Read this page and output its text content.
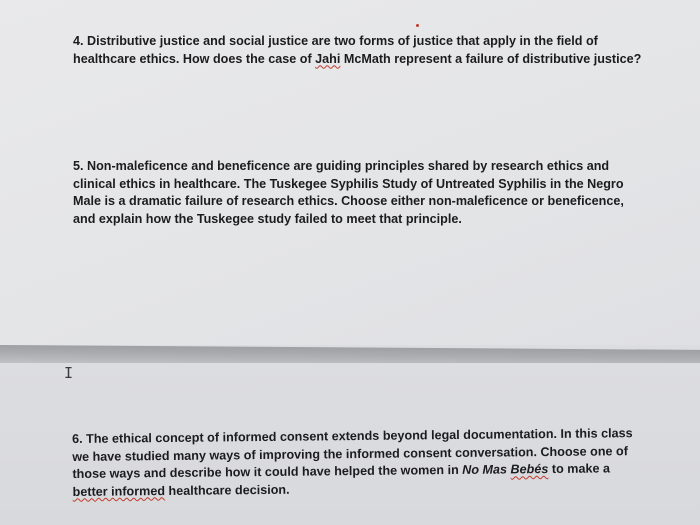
4. Distributive justice and social justice are two forms of justice that apply in the field of
healthcare ethics. How does the case of Jahi McMath represent a failure of distributive justice?
5. Non-maleficence and beneficence are guiding principles shared by research ethics and
clinical ethics in healthcare. The Tuskegee Syphilis Study of Untreated Syphilis in the Negro
Male is a dramatic failure of research ethics. Choose either non-maleficence or beneficence,
and explain how the Tuskegee study failed to meet that principle.
I
6. The ethical concept of informed consent extends beyond legal documentation. In this class
we have studied many ways of improving the informed consent conversation. Choose one of
those ways and describe how it could have helped the women in No Mas Bebés to make a
better informed healthcare decision.
